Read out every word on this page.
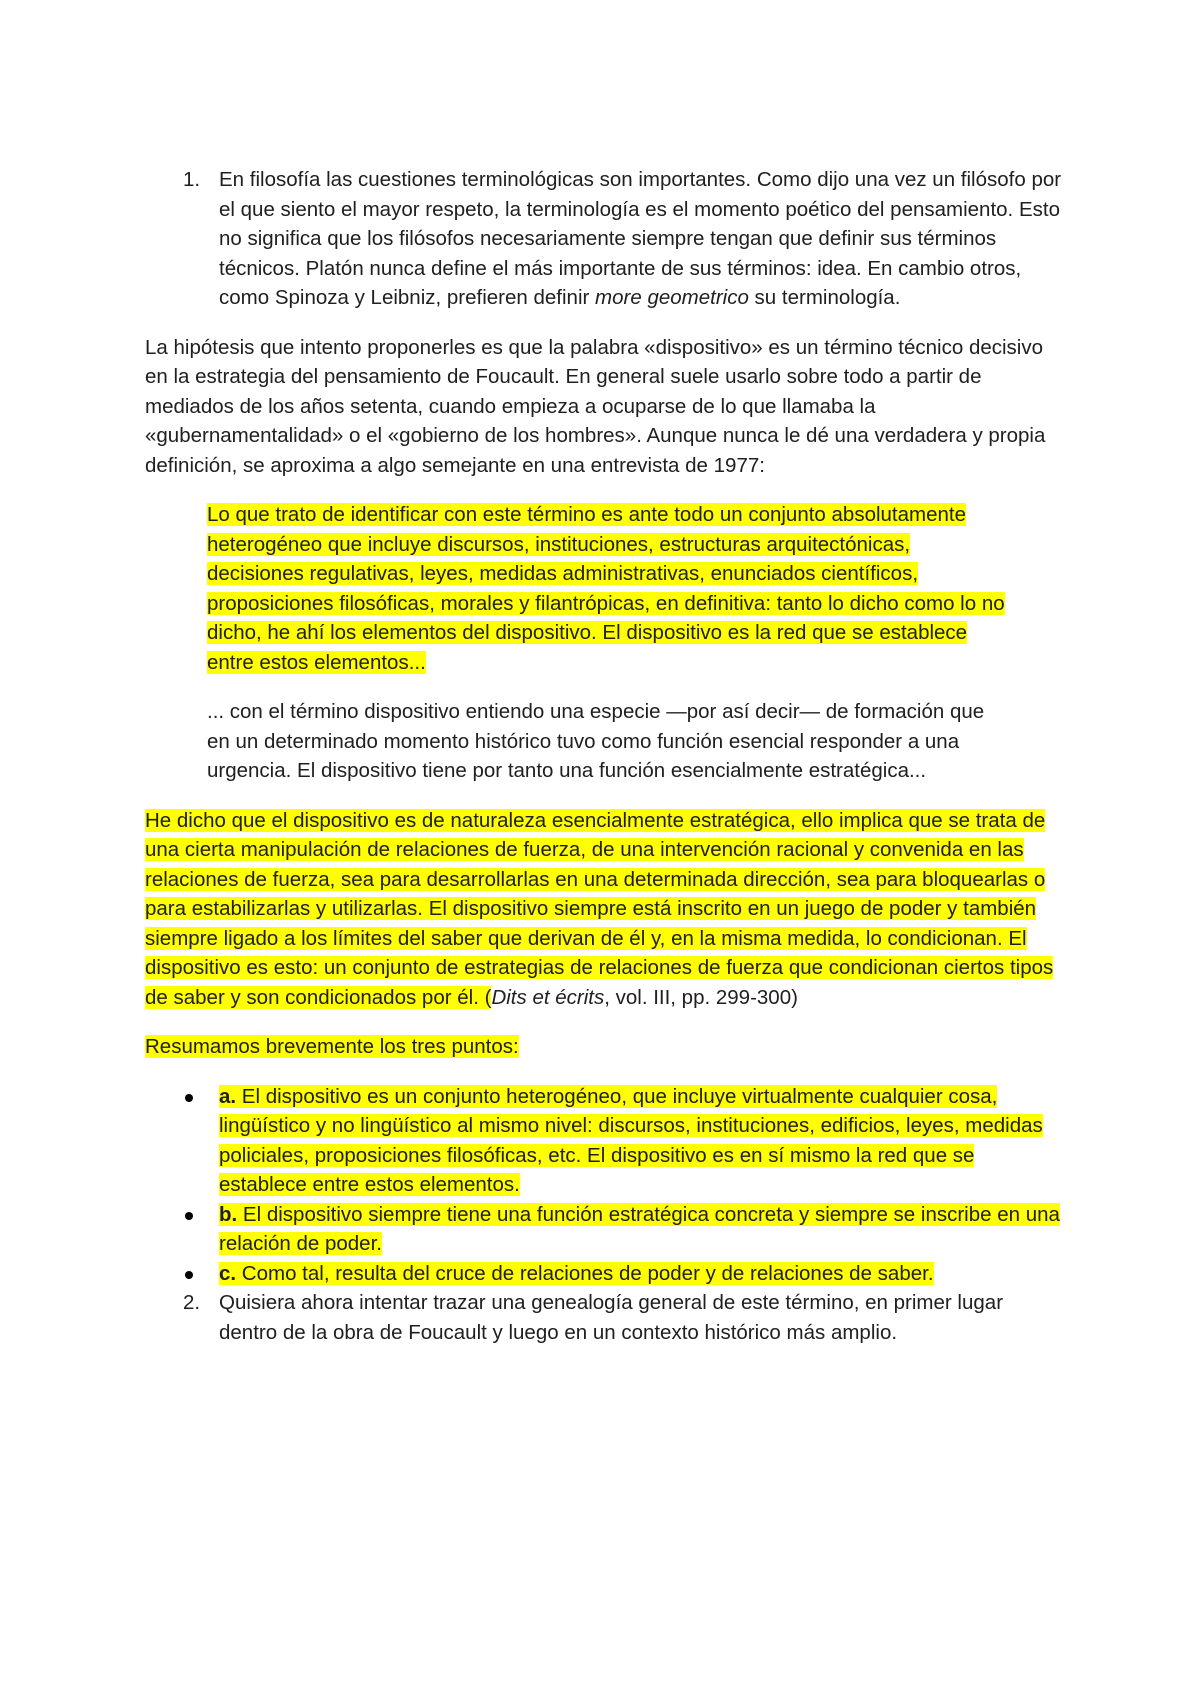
1. En filosofía las cuestiones terminológicas son importantes. Como dijo una vez un filósofo por el que siento el mayor respeto, la terminología es el momento poético del pensamiento. Esto no significa que los filósofos necesariamente siempre tengan que definir sus términos técnicos. Platón nunca define el más importante de sus términos: idea. En cambio otros, como Spinoza y Leibniz, prefieren definir more geometrico su terminología.

La hipótesis que intento proponerles es que la palabra «dispositivo» es un término técnico decisivo en la estrategia del pensamiento de Foucault. En general suele usarlo sobre todo a partir de mediados de los años setenta, cuando empieza a ocuparse de lo que llamaba la «gubernamentalidad» o el «gobierno de los hombres». Aunque nunca le dé una verdadera y propia definición, se aproxima a algo semejante en una entrevista de 1977:

Lo que trato de identificar con este término es ante todo un conjunto absolutamente heterogéneo que incluye discursos, instituciones, estructuras arquitectónicas, decisiones regulativas, leyes, medidas administrativas, enunciados científicos, proposiciones filosóficas, morales y filantrópicas, en definitiva: tanto lo dicho como lo no dicho, he ahí los elementos del dispositivo. El dispositivo es la red que se establece entre estos elementos...

... con el término dispositivo entiendo una especie —por así decir— de formación que en un determinado momento histórico tuvo como función esencial responder a una urgencia. El dispositivo tiene por tanto una función esencialmente estratégica...

He dicho que el dispositivo es de naturaleza esencialmente estratégica, ello implica que se trata de una cierta manipulación de relaciones de fuerza, de una intervención racional y convenida en las relaciones de fuerza, sea para desarrollarlas en una determinada dirección, sea para bloquearlas o para estabilizarlas y utilizarlas. El dispositivo siempre está inscrito en un juego de poder y también siempre ligado a los límites del saber que derivan de él y, en la misma medida, lo condicionan. El dispositivo es esto: un conjunto de estrategias de relaciones de fuerza que condicionan ciertos tipos de saber y son condicionados por él. (Dits et écrits, vol. III, pp. 299-300)

Resumamos brevemente los tres puntos:

a. El dispositivo es un conjunto heterogéneo, que incluye virtualmente cualquier cosa, lingüístico y no lingüístico al mismo nivel: discursos, instituciones, edificios, leyes, medidas policiales, proposiciones filosóficas, etc. El dispositivo es en sí mismo la red que se establece entre estos elementos.
b. El dispositivo siempre tiene una función estratégica concreta y siempre se inscribe en una relación de poder.
c. Como tal, resulta del cruce de relaciones de poder y de relaciones de saber.
2. Quisiera ahora intentar trazar una genealogía general de este término, en primer lugar dentro de la obra de Foucault y luego en un contexto histórico más amplio.
